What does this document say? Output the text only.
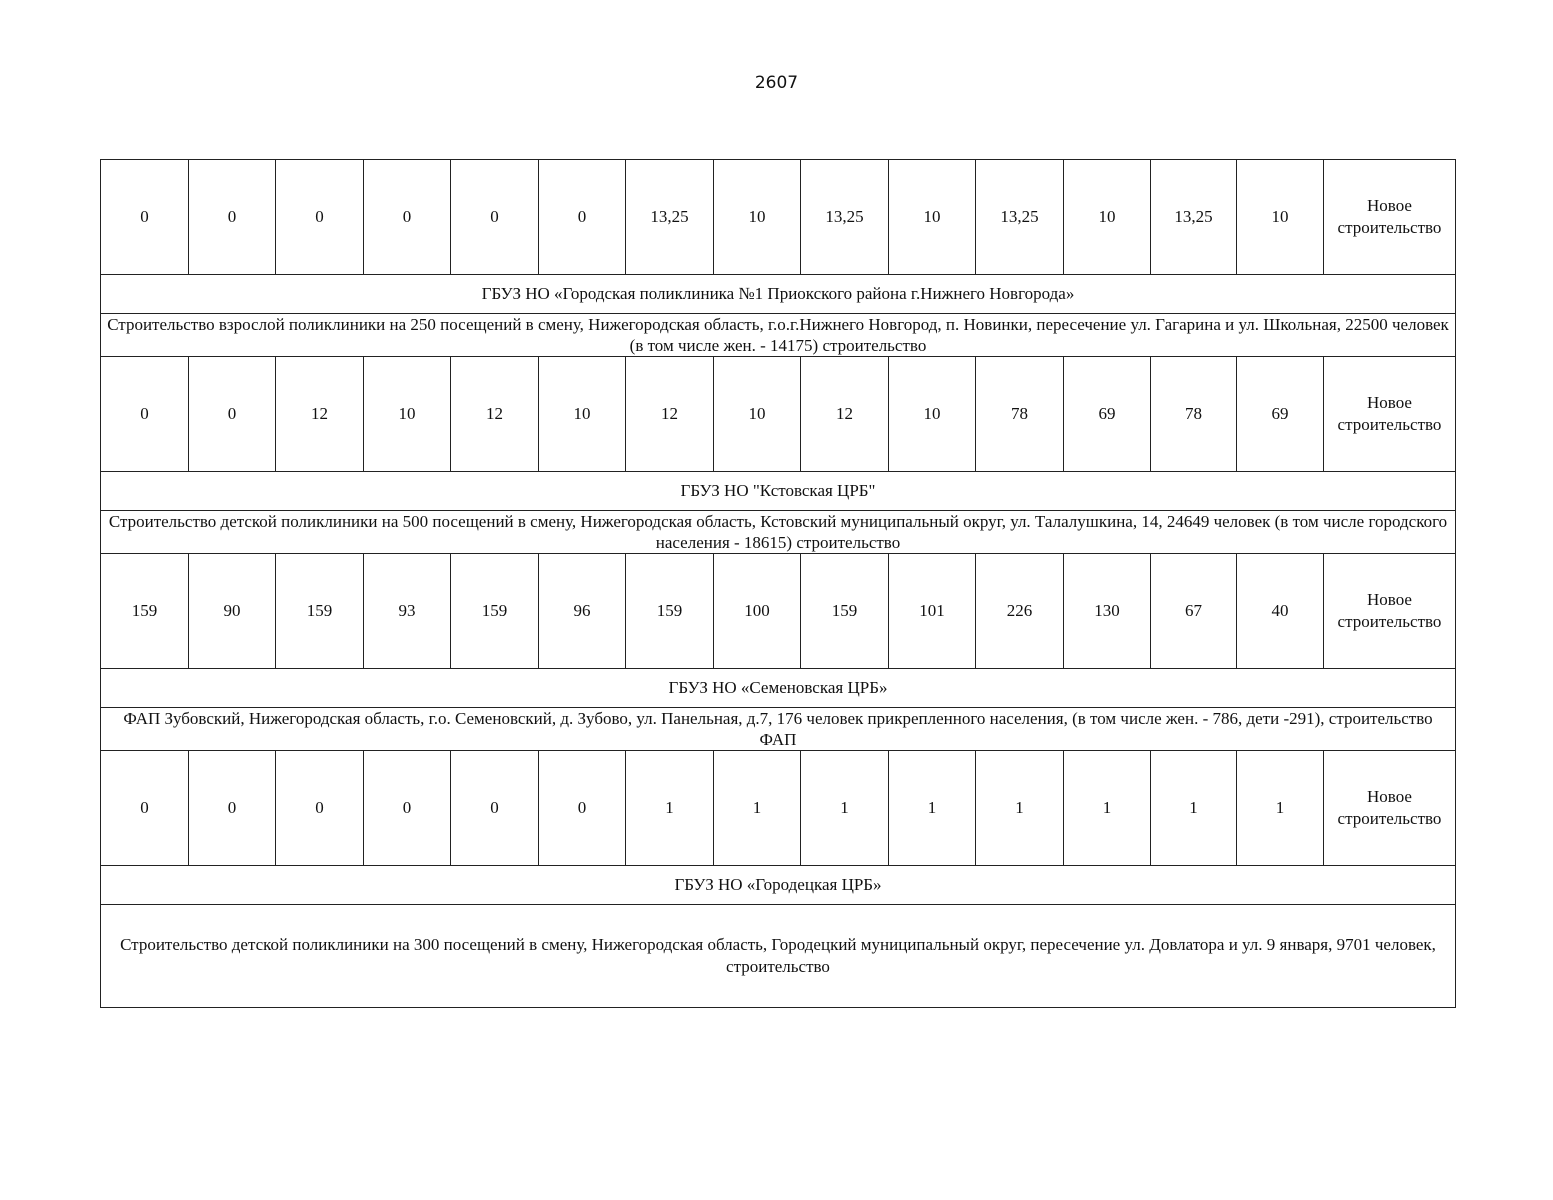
2607
0	0	0	0	0	0	13,25	10	13,25	10	13,25	10	13,25	10	Новое строительство
ГБУЗ НО «Городская поликлиника №1 Приокского района г.Нижнего Новгорода»														
Строительство взрослой поликлиники на 250 посещений в смену, Нижегородская область, г.о.г.Нижнего Новгород, п. Новинки, пересечение ул. Гагарина и ул. Школьная, 22500 человек (в том числе жен. - 14175) строительство														
0	0	12	10	12	10	12	10	12	10	78	69	78	69	Новое строительство
ГБУЗ НО "Кстовская ЦРБ"														
Строительство детской поликлиники на 500 посещений в смену, Нижегородская область, Кстовский муниципальный округ, ул. Талалушкина, 14, 24649 человек (в том числе городского населения - 18615) строительство														
159	90	159	93	159	96	159	100	159	101	226	130	67	40	Новое строительство
ГБУЗ НО «Семеновская ЦРБ»														
ФАП Зубовский, Нижегородская область, г.о. Семеновский, д. Зубово, ул. Панельная, д.7, 176 человек прикрепленного населения, (в том числе жен. - 786, дети -291), строительство ФАП														
0	0	0	0	0	0	1	1	1	1	1	1	1	1	Новое строительство
ГБУЗ НО «Городецкая ЦРБ»														
Строительство детской поликлиники на 300 посещений в смену, Нижегородская область, Городецкий муниципальный округ, пересечение ул. Довлатора и ул. 9 января, 9701 человек, строительство														
